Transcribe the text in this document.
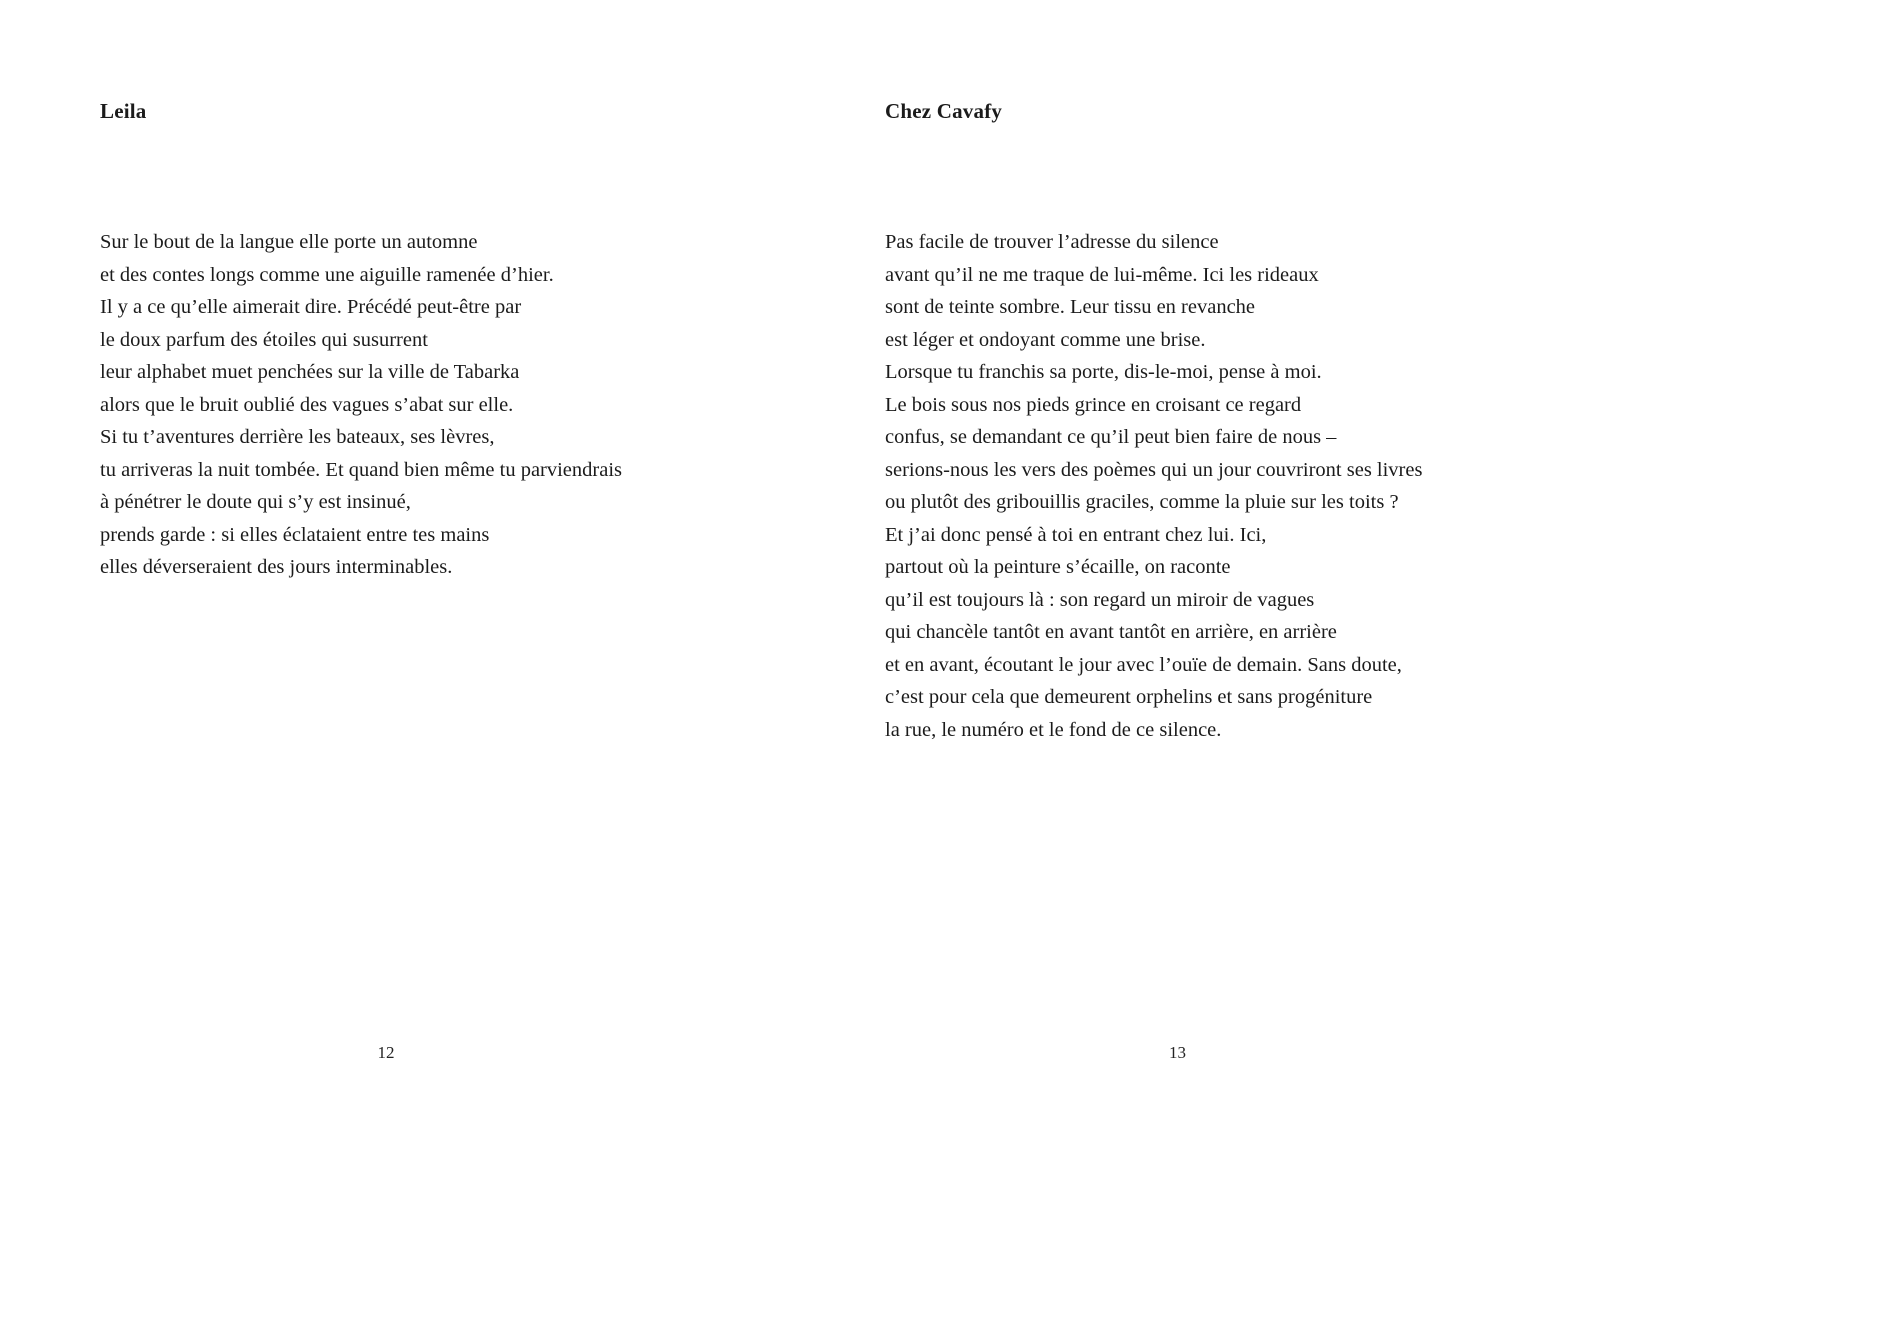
Leila
Sur le bout de la langue elle porte un automne
et des contes longs comme une aiguille ramenée d’hier.
Il y a ce qu’elle aimerait dire. Précédé peut-être par
le doux parfum des étoiles qui susurrent
leur alphabet muet penchées sur la ville de Tabarka
alors que le bruit oublié des vagues s’abat sur elle.
Si tu t’aventures derrière les bateaux, ses lèvres,
tu arriveras la nuit tombée. Et quand bien même tu parviendrais
à pénétrer le doute qui s’y est insinué,
prends garde : si elles éclataient entre tes mains
elles déverseraient des jours interminables.
12
Chez Cavafy
Pas facile de trouver l’adresse du silence
avant qu’il ne me traque de lui-même. Ici les rideaux
sont de teinte sombre. Leur tissu en revanche
est léger et ondoyant comme une brise.
Lorsque tu franchis sa porte, dis-le-moi, pense à moi.
Le bois sous nos pieds grince en croisant ce regard
confus, se demandant ce qu’il peut bien faire de nous –
serions-nous les vers des poèmes qui un jour couvriront ses livres
ou plutôt des gribouillis graciles, comme la pluie sur les toits ?
Et j’ai donc pensé à toi en entrant chez lui. Ici,
partout où la peinture s’écaille, on raconte
qu’il est toujours là : son regard un miroir de vagues
qui chancèle tantôt en avant tantôt en arrière, en arrière
et en avant, écoutant le jour avec l’ouïe de demain. Sans doute,
c’est pour cela que demeurent orphelins et sans progéniture
la rue, le numéro et le fond de ce silence.
13
